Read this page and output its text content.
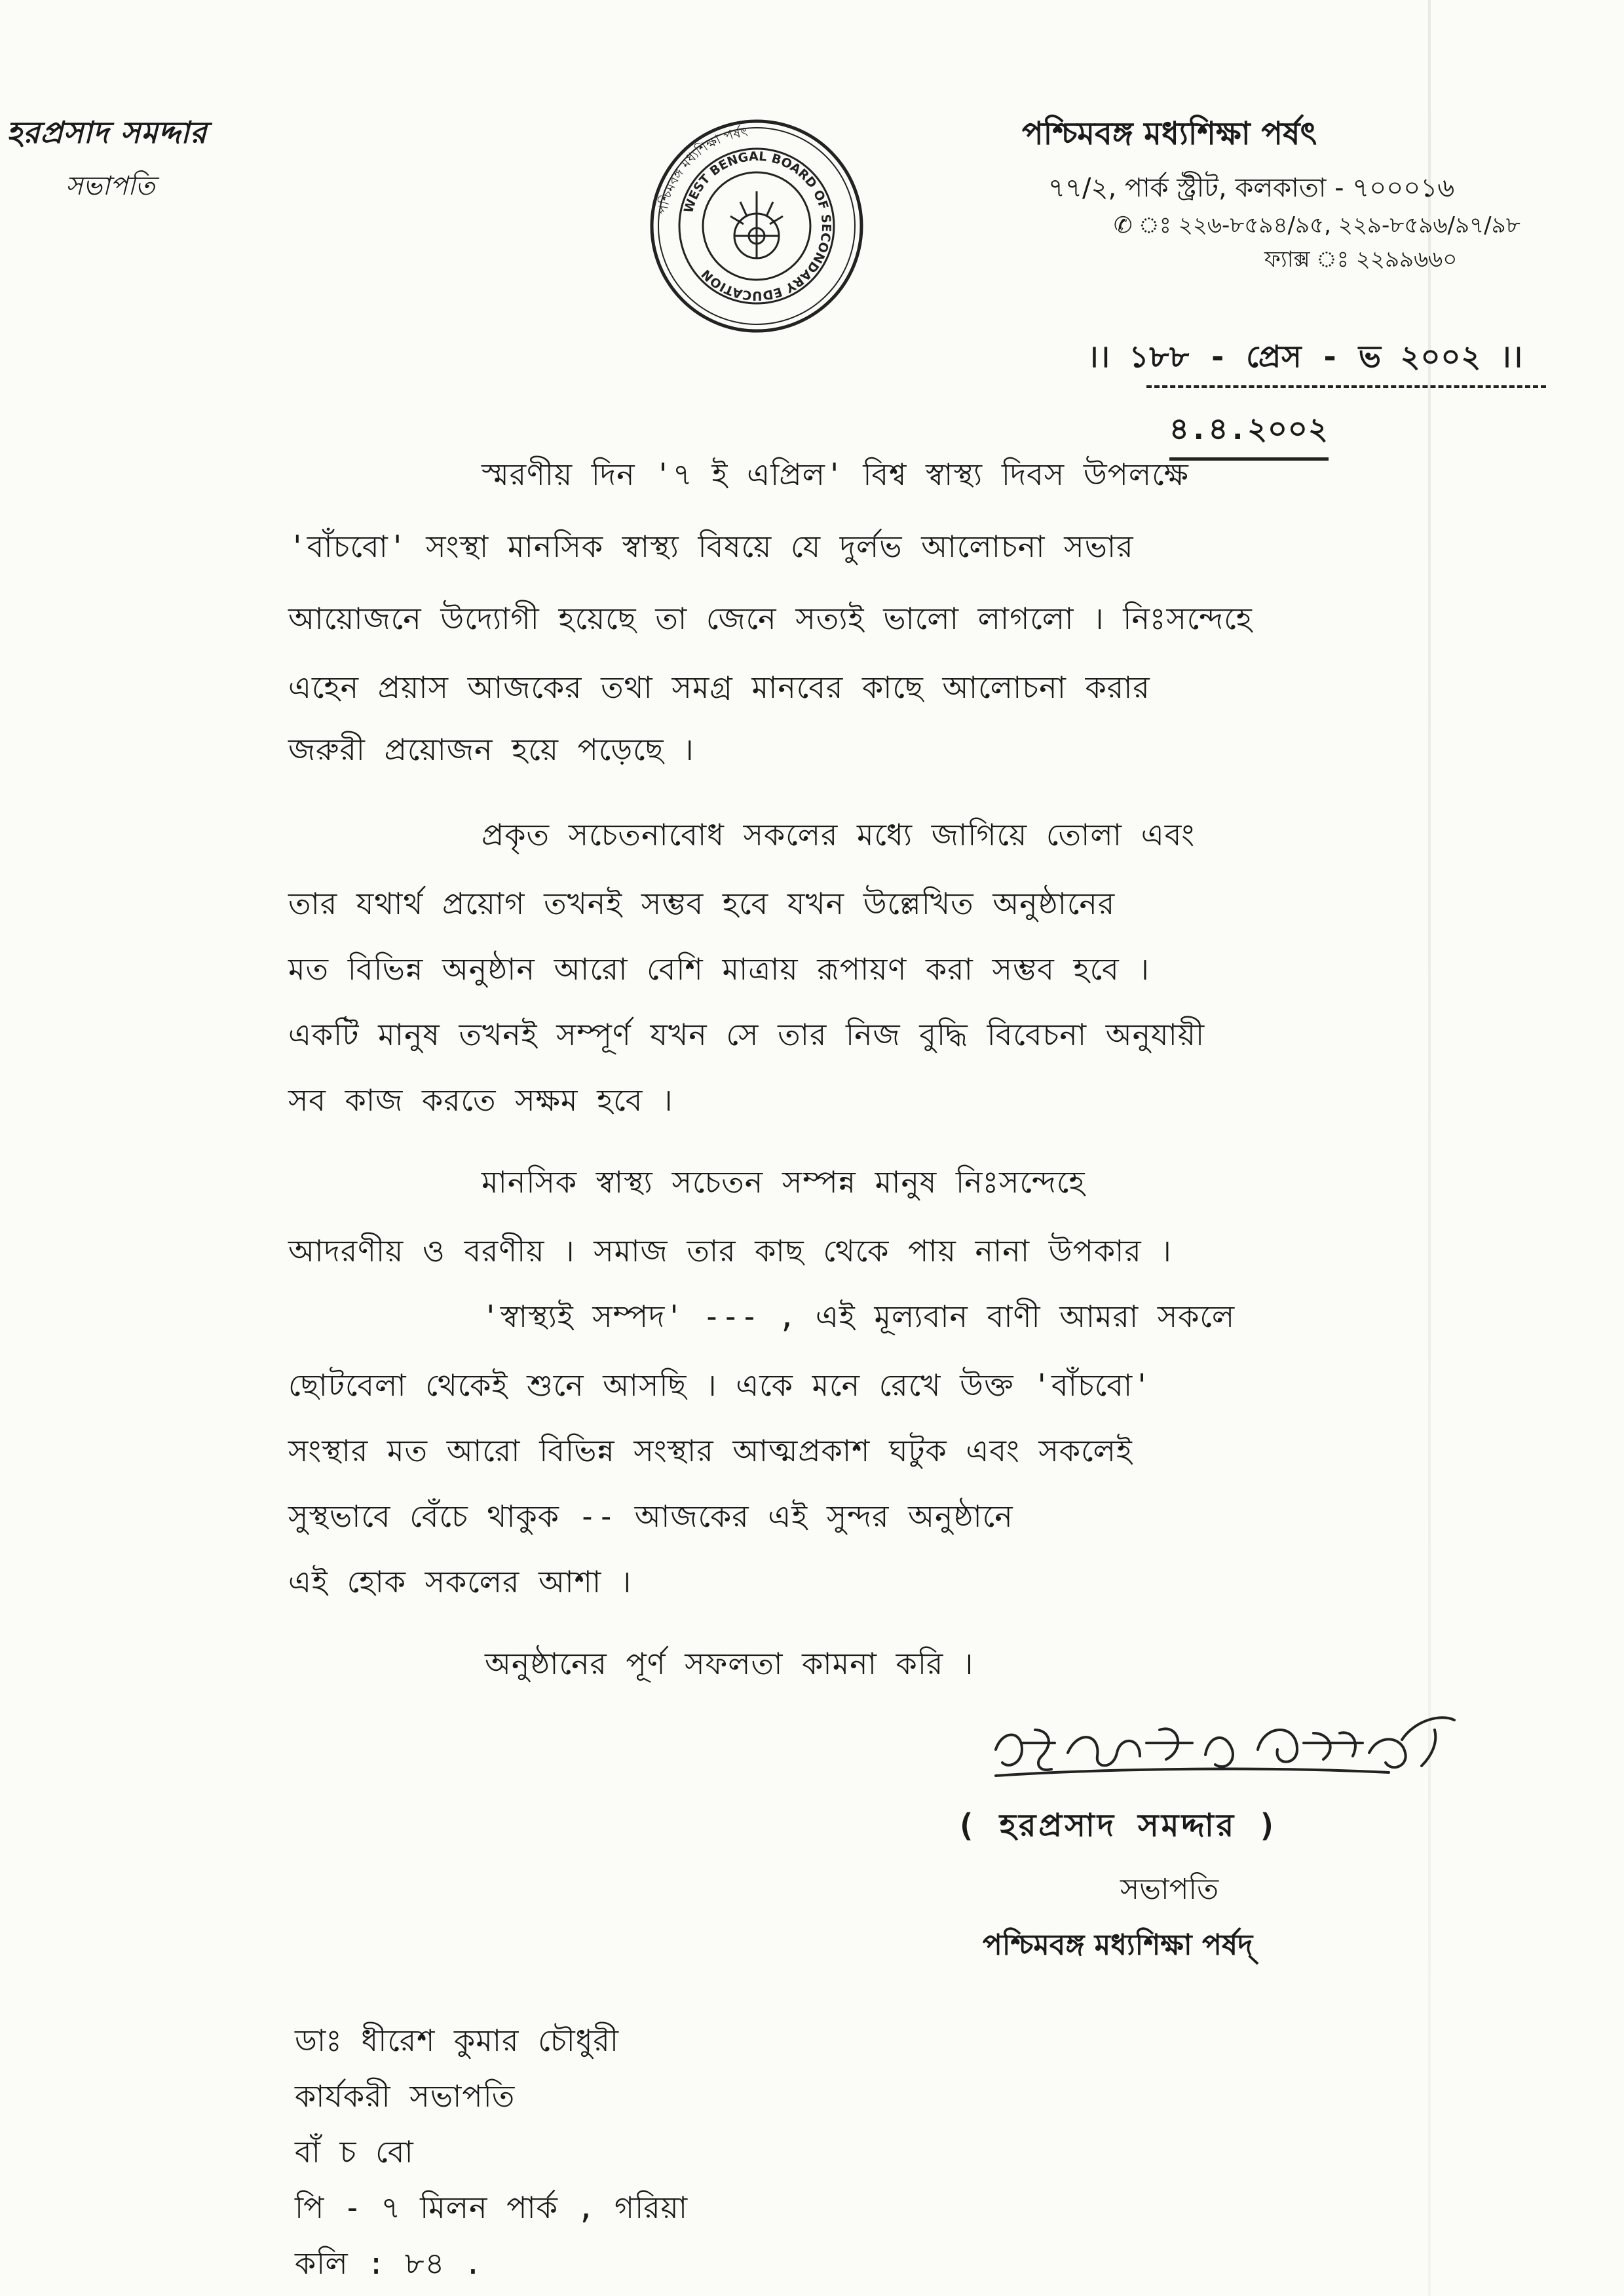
হরপ্রসাদ সমদ্দার
সভাপতি
পশ্চিমবঙ্গ মধ্যশিক্ষা পর্ষৎ
WEST BENGAL BOARD OF SECONDARY EDUCATION
পশ্চিমবঙ্গ মধ্যশিক্ষা পর্ষৎ
৭৭/২, পার্ক স্ট্রীট, কলকাতা - ৭০০০১৬
✆ ঃ ২২৬-৮৫৯৪/৯৫, ২২৯-৮৫৯৬/৯৭/৯৮
ফ্যাক্স ঃ ২২৯৯৬৬০
।। ১৮৮ - প্রেস - ভ ২০০২ ।।
৪.৪.২০০২
স্মরণীয় দিন '৭ ই এপ্রিল' বিশ্ব স্বাস্থ্য দিবস উপলক্ষে
'বাঁচবো' সংস্থা মানসিক স্বাস্থ্য বিষয়ে যে দুর্লভ আলোচনা সভার
আয়োজনে উদ্যোগী হয়েছে তা জেনে সত্যই ভালো লাগলো । নিঃসন্দেহে
এহেন প্রয়াস আজকের তথা সমগ্র মানবের কাছে আলোচনা করার
জরুরী প্রয়োজন হয়ে পড়েছে ।
প্রকৃত সচেতনাবোধ সকলের মধ্যে জাগিয়ে তোলা এবং
তার যথার্থ প্রয়োগ তখনই সম্ভব হবে যখন উল্লেখিত অনুষ্ঠানের
মত বিভিন্ন অনুষ্ঠান আরো বেশি মাত্রায় রূপায়ণ করা সম্ভব হবে ।
একটি মানুষ তখনই সম্পূর্ণ যখন সে তার নিজ বুদ্ধি বিবেচনা অনুযায়ী
সব কাজ করতে সক্ষম হবে ।
মানসিক স্বাস্থ্য সচেতন সম্পন্ন মানুষ নিঃসন্দেহে
আদরণীয় ও বরণীয় । সমাজ তার কাছ থেকে পায় নানা উপকার ।
'স্বাস্থ্যই সম্পদ' --- , এই মূল্যবান বাণী আমরা সকলে
ছোটবেলা থেকেই শুনে আসছি । একে মনে রেখে উক্ত 'বাঁচবো'
সংস্থার মত আরো বিভিন্ন সংস্থার আত্মপ্রকাশ ঘটুক এবং সকলেই
সুস্থভাবে বেঁচে থাকুক -- আজকের এই সুন্দর অনুষ্ঠানে
এই হোক সকলের আশা ।
অনুষ্ঠানের পূর্ণ সফলতা কামনা করি ।
( হরপ্রসাদ সমদ্দার )
সভাপতি
পশ্চিমবঙ্গ মধ্যশিক্ষা পর্ষদ্
ডাঃ ধীরেশ কুমার চৌধুরী
কার্যকরী সভাপতি
বাঁ চ বো
পি - ৭ মিলন পার্ক , গরিয়া
কলি : ৮৪ .
